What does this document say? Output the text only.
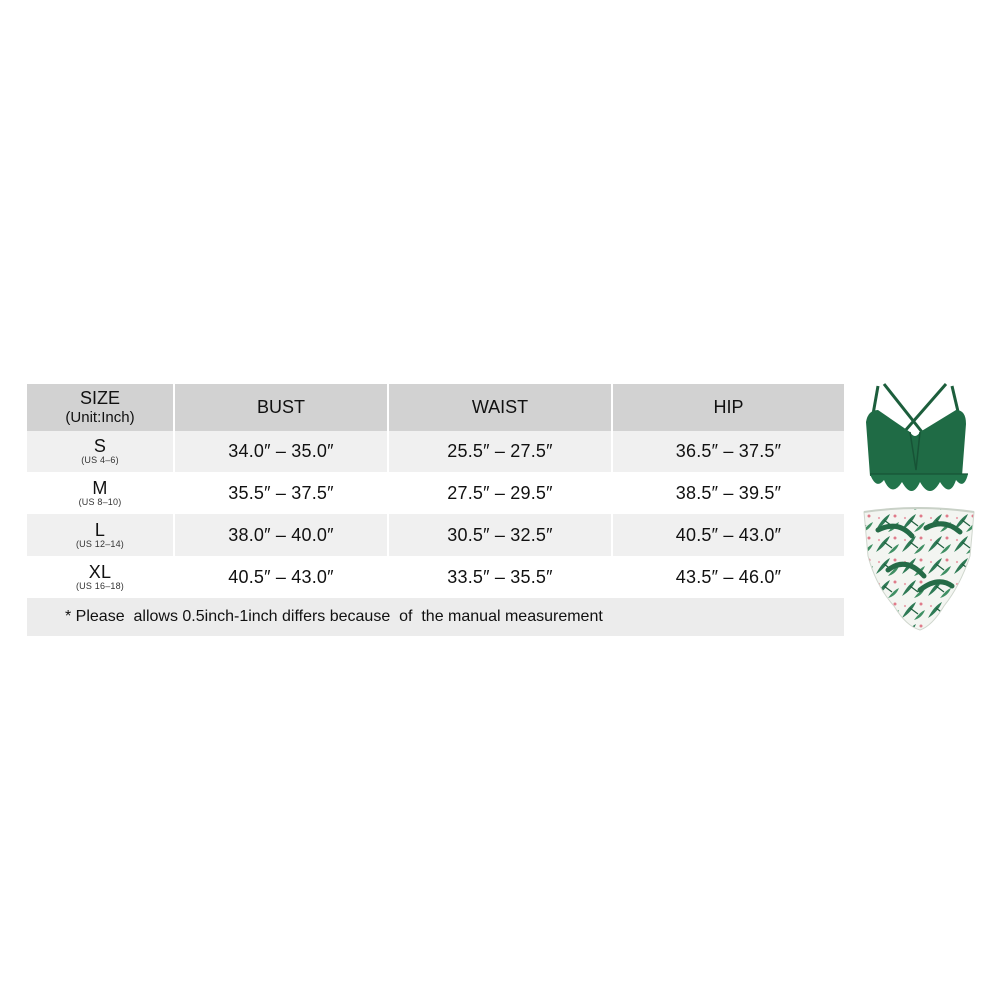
SIZE
(Unit:Inch)	BUST	WAIST	HIP
S
(US 4–6)	34.0″ – 35.0″	25.5″ – 27.5″	36.5″ – 37.5″
M
(US 8–10)	35.5″ – 37.5″	27.5″ – 29.5″	38.5″ – 39.5″
L
(US 12–14)	38.0″ – 40.0″	30.5″ – 32.5″	40.5″ – 43.0″
XL
(US 16–18)	40.5″ – 43.0″	33.5″ – 35.5″	43.5″ – 46.0″
* Please  allows 0.5inch-1inch differs because  of  the manual measurement
